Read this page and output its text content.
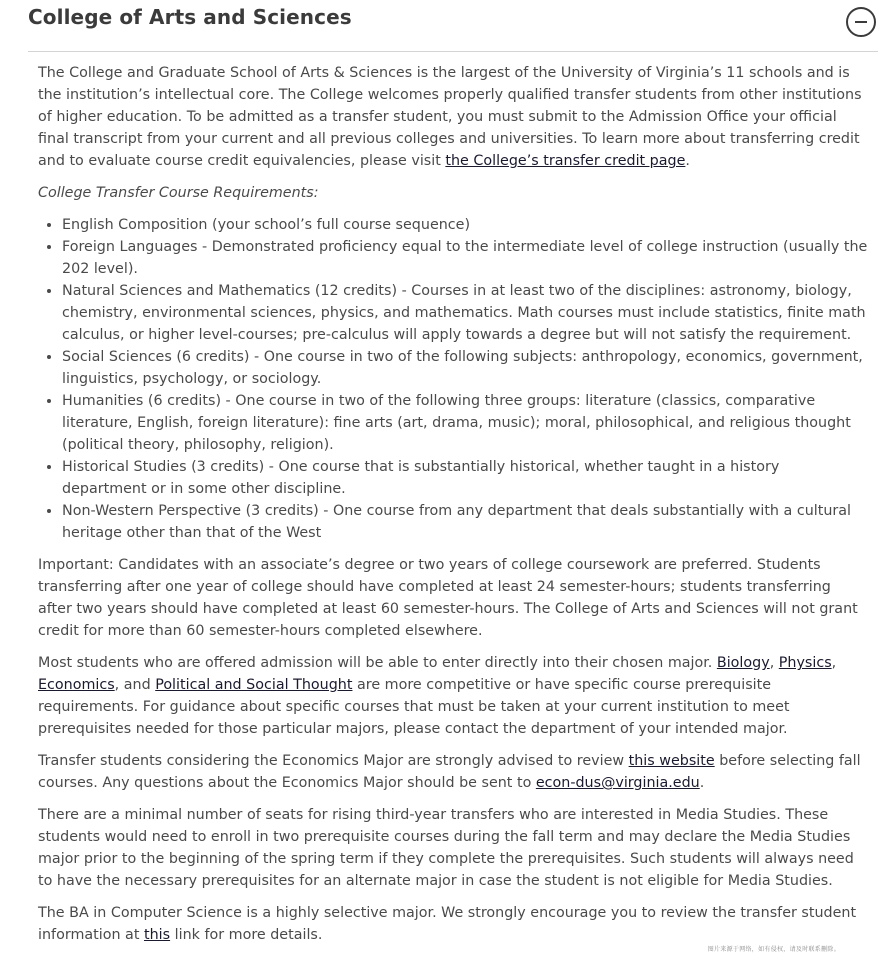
College of Arts and Sciences

The College and Graduate School of Arts & Sciences is the largest of the University of Virginia’s 11 schools and is the institution’s intellectual core. The College welcomes properly qualified transfer students from other institutions of higher education. To be admitted as a transfer student, you must submit to the Admission Office your official final transcript from your current and all previous colleges and universities. To learn more about transferring credit and to evaluate course credit equivalencies, please visit the College’s transfer credit page.

College Transfer Course Requirements:

• English Composition (your school’s full course sequence)
• Foreign Languages - Demonstrated proficiency equal to the intermediate level of college instruction (usually the 202 level).
• Natural Sciences and Mathematics (12 credits) - Courses in at least two of the disciplines: astronomy, biology, chemistry, environmental sciences, physics, and mathematics. Math courses must include statistics, finite math calculus, or higher level-courses; pre-calculus will apply towards a degree but will not satisfy the requirement.
• Social Sciences (6 credits) - One course in two of the following subjects: anthropology, economics, government, linguistics, psychology, or sociology.
• Humanities (6 credits) - One course in two of the following three groups: literature (classics, comparative literature, English, foreign literature): fine arts (art, drama, music); moral, philosophical, and religious thought (political theory, philosophy, religion).
• Historical Studies (3 credits) - One course that is substantially historical, whether taught in a history department or in some other discipline.
• Non-Western Perspective (3 credits) - One course from any department that deals substantially with a cultural heritage other than that of the West

Important: Candidates with an associate’s degree or two years of college coursework are preferred. Students transferring after one year of college should have completed at least 24 semester-hours; students transferring after two years should have completed at least 60 semester-hours. The College of Arts and Sciences will not grant credit for more than 60 semester-hours completed elsewhere.

Most students who are offered admission will be able to enter directly into their chosen major. Biology, Physics, Economics, and Political and Social Thought are more competitive or have specific course prerequisite requirements. For guidance about specific courses that must be taken at your current institution to meet prerequisites needed for those particular majors, please contact the department of your intended major.

Transfer students considering the Economics Major are strongly advised to review this website before selecting fall courses. Any questions about the Economics Major should be sent to econ-dus@virginia.edu.

There are a minimal number of seats for rising third-year transfers who are interested in Media Studies. These students would need to enroll in two prerequisite courses during the fall term and may declare the Media Studies major prior to the beginning of the spring term if they complete the prerequisites. Such students will always need to have the necessary prerequisites for an alternate major in case the student is not eligible for Media Studies.

The BA in Computer Science is a highly selective major. We strongly encourage you to review the transfer student information at this link for more details.

图片来源于网络，如有侵权，请及时联系删除。
